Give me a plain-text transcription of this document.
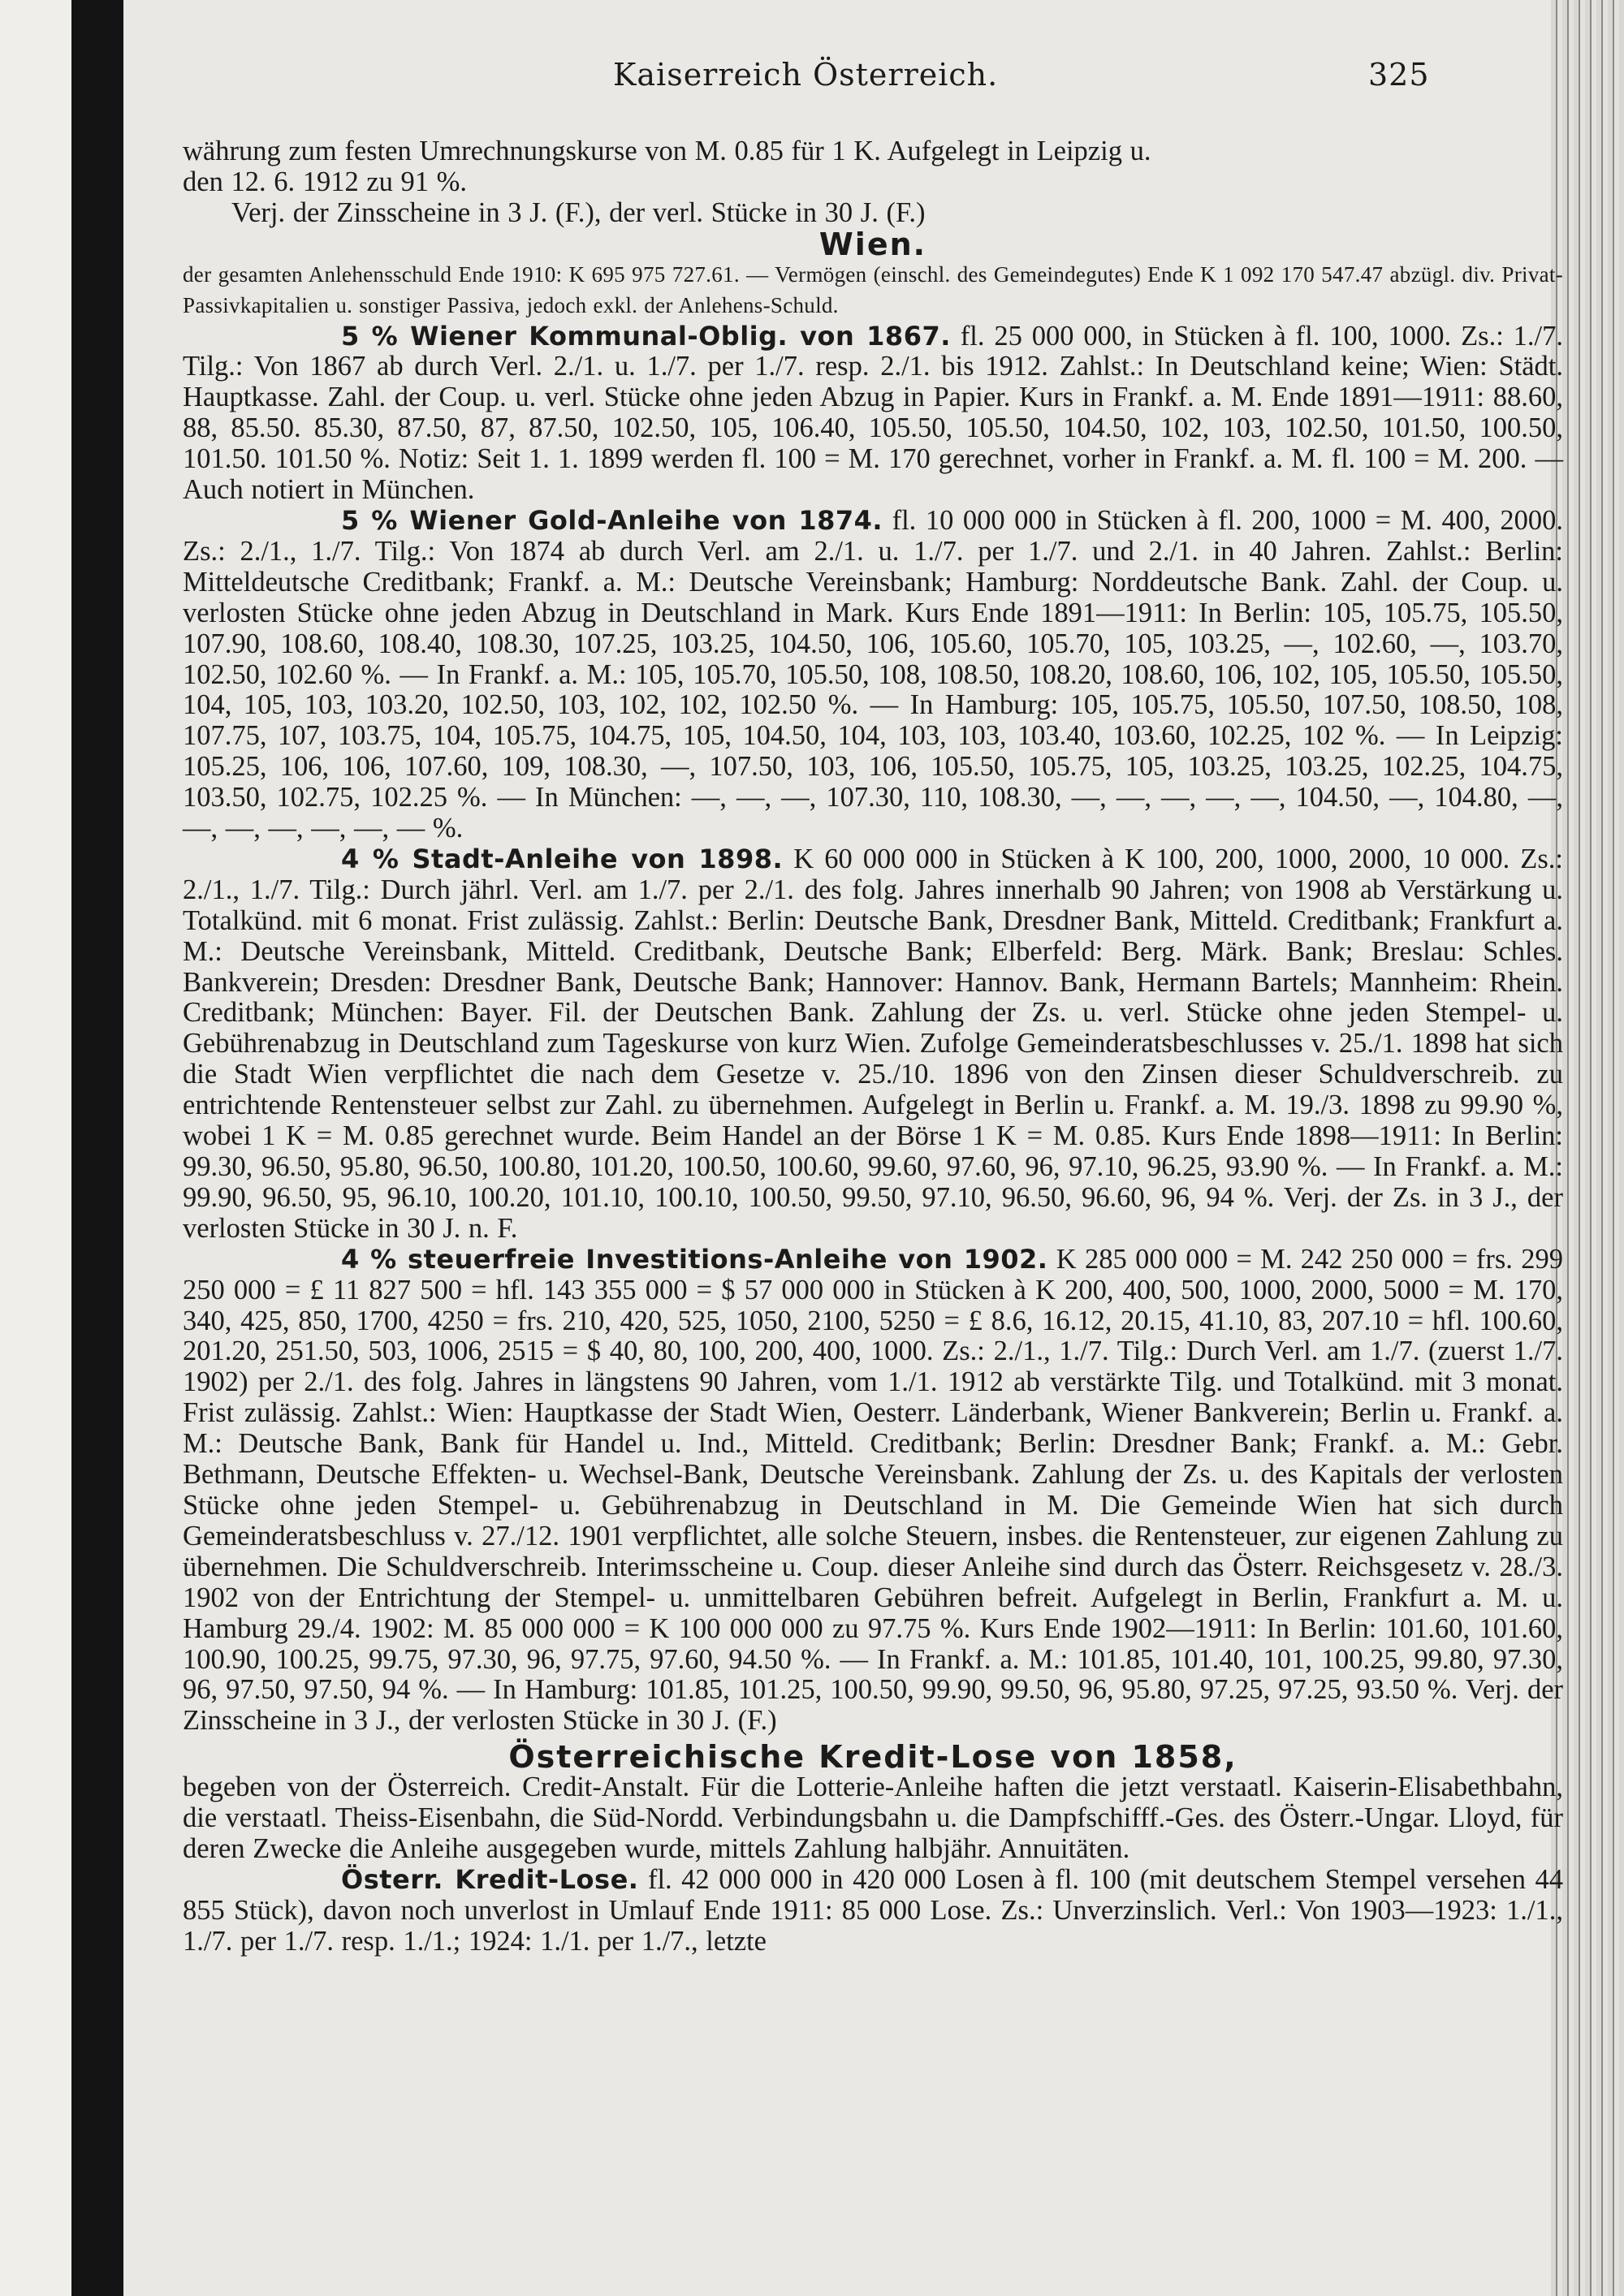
Kaiserreich Österreich.	325

währung zum festen Umrechnungskurse von M. 0.85 für 1 K. Aufgelegt in Leipzig u.

den 12. 6. 1912 zu 91 %.

Verj. der Zinsscheine in 3 J. (F.), der verl. Stücke in 30 J. (F.)

Wien.

der gesamten Anlehensschuld Ende 1910: K 695 975 727.61. — Vermögen (einschl. des Gemeindegutes) Ende K 1 092 170 547.47 abzügl. div. Privat-Passivkapitalien u. sonstiger Passiva, jedoch exkl. der Anlehens-Schuld.

5 % Wiener Kommunal-Oblig. von 1867. fl. 25 000 000, in Stücken à fl. 100, 1000. Zs.: 1./7. Tilg.: Von 1867 ab durch Verl. 2./1. u. 1./7. per 1./7. resp. 2./1. bis 1912. Zahlst.: In Deutschland keine; Wien: Städt. Hauptkasse. Zahl. der Coup. u. verl. Stücke ohne jeden Abzug in Papier. Kurs in Frankf. a. M. Ende 1891—1911: 88.60, 88, 85.50. 85.30, 87.50, 87, 87.50, 102.50, 105, 106.40, 105.50, 105.50, 104.50, 102, 103, 102.50, 101.50, 100.50, 101.50. 101.50 %. Notiz: Seit 1. 1. 1899 werden fl. 100 = M. 170 gerechnet, vorher in Frankf. a. M. fl. 100 = M. 200. — Auch notiert in München.

5 % Wiener Gold-Anleihe von 1874. fl. 10 000 000 in Stücken à fl. 200, 1000 = M. 400, 2000. Zs.: 2./1., 1./7. Tilg.: Von 1874 ab durch Verl. am 2./1. u. 1./7. per 1./7. und 2./1. in 40 Jahren. Zahlst.: Berlin: Mitteldeutsche Creditbank; Frankf. a. M.: Deutsche Vereinsbank; Hamburg: Norddeutsche Bank. Zahl. der Coup. u. verlosten Stücke ohne jeden Abzug in Deutschland in Mark. Kurs Ende 1891—1911: In Berlin: 105, 105.75, 105.50, 107.90, 108.60, 108.40, 108.30, 107.25, 103.25, 104.50, 106, 105.60, 105.70, 105, 103.25, —, 102.60, —, 103.70, 102.50, 102.60 %. — In Frankf. a. M.: 105, 105.70, 105.50, 108, 108.50, 108.20, 108.60, 106, 102, 105, 105.50, 105.50, 104, 105, 103, 103.20, 102.50, 103, 102, 102, 102.50 %. — In Hamburg: 105, 105.75, 105.50, 107.50, 108.50, 108, 107.75, 107, 103.75, 104, 105.75, 104.75, 105, 104.50, 104, 103, 103, 103.40, 103.60, 102.25, 102 %. — In Leipzig: 105.25, 106, 106, 107.60, 109, 108.30, —, 107.50, 103, 106, 105.50, 105.75, 105, 103.25, 103.25, 102.25, 104.75, 103.50, 102.75, 102.25 %. — In München: —, —, —, 107.30, 110, 108.30, —, —, —, —, —, 104.50, —, 104.80, —, —, —, —, —, —, — %.

4 % Stadt-Anleihe von 1898. K 60 000 000 in Stücken à K 100, 200, 1000, 2000, 10 000. Zs.: 2./1., 1./7. Tilg.: Durch jährl. Verl. am 1./7. per 2./1. des folg. Jahres innerhalb 90 Jahren; von 1908 ab Verstärkung u. Totalkünd. mit 6 monat. Frist zulässig. Zahlst.: Berlin: Deutsche Bank, Dresdner Bank, Mitteld. Creditbank; Frankfurt a. M.: Deutsche Vereinsbank, Mitteld. Creditbank, Deutsche Bank; Elberfeld: Berg. Märk. Bank; Breslau: Schles. Bankverein; Dresden: Dresdner Bank, Deutsche Bank; Hannover: Hannov. Bank, Hermann Bartels; Mannheim: Rhein. Creditbank; München: Bayer. Fil. der Deutschen Bank. Zahlung der Zs. u. verl. Stücke ohne jeden Stempel- u. Gebührenabzug in Deutschland zum Tageskurse von kurz Wien. Zufolge Gemeinderatsbeschlusses v. 25./1. 1898 hat sich die Stadt Wien verpflichtet die nach dem Gesetze v. 25./10. 1896 von den Zinsen dieser Schuldverschreib. zu entrichtende Rentensteuer selbst zur Zahl. zu übernehmen. Aufgelegt in Berlin u. Frankf. a. M. 19./3. 1898 zu 99.90 %, wobei 1 K = M. 0.85 gerechnet wurde. Beim Handel an der Börse 1 K = M. 0.85. Kurs Ende 1898—1911: In Berlin: 99.30, 96.50, 95.80, 96.50, 100.80, 101.20, 100.50, 100.60, 99.60, 97.60, 96, 97.10, 96.25, 93.90 %. — In Frankf. a. M.: 99.90, 96.50, 95, 96.10, 100.20, 101.10, 100.10, 100.50, 99.50, 97.10, 96.50, 96.60, 96, 94 %. Verj. der Zs. in 3 J., der verlosten Stücke in 30 J. n. F.

4 % steuerfreie Investitions-Anleihe von 1902. K 285 000 000 = M. 242 250 000 = frs. 299 250 000 = £ 11 827 500 = hfl. 143 355 000 = $ 57 000 000 in Stücken à K 200, 400, 500, 1000, 2000, 5000 = M. 170, 340, 425, 850, 1700, 4250 = frs. 210, 420, 525, 1050, 2100, 5250 = £ 8.6, 16.12, 20.15, 41.10, 83, 207.10 = hfl. 100.60, 201.20, 251.50, 503, 1006, 2515 = $ 40, 80, 100, 200, 400, 1000. Zs.: 2./1., 1./7. Tilg.: Durch Verl. am 1./7. (zuerst 1./7. 1902) per 2./1. des folg. Jahres in längstens 90 Jahren, vom 1./1. 1912 ab verstärkte Tilg. und Totalkünd. mit 3 monat. Frist zulässig. Zahlst.: Wien: Hauptkasse der Stadt Wien, Oesterr. Länderbank, Wiener Bankverein; Berlin u. Frankf. a. M.: Deutsche Bank, Bank für Handel u. Ind., Mitteld. Creditbank; Berlin: Dresdner Bank; Frankf. a. M.: Gebr. Bethmann, Deutsche Effekten- u. Wechsel-Bank, Deutsche Vereinsbank. Zahlung der Zs. u. des Kapitals der verlosten Stücke ohne jeden Stempel- u. Gebührenabzug in Deutschland in M. Die Gemeinde Wien hat sich durch Gemeinderatsbeschluss v. 27./12. 1901 verpflichtet, alle solche Steuern, insbes. die Rentensteuer, zur eigenen Zahlung zu übernehmen. Die Schuldverschreib. Interimsscheine u. Coup. dieser Anleihe sind durch das Österr. Reichsgesetz v. 28./3. 1902 von der Entrichtung der Stempel- u. unmittelbaren Gebühren befreit. Aufgelegt in Berlin, Frankfurt a. M. u. Hamburg 29./4. 1902: M. 85 000 000 = K 100 000 000 zu 97.75 %. Kurs Ende 1902—1911: In Berlin: 101.60, 101.60, 100.90, 100.25, 99.75, 97.30, 96, 97.75, 97.60, 94.50 %. — In Frankf. a. M.: 101.85, 101.40, 101, 100.25, 99.80, 97.30, 96, 97.50, 97.50, 94 %. — In Hamburg: 101.85, 101.25, 100.50, 99.90, 99.50, 96, 95.80, 97.25, 97.25, 93.50 %. Verj. der Zinsscheine in 3 J., der verlosten Stücke in 30 J. (F.)

Österreichische Kredit-Lose von 1858,

begeben von der Österreich. Credit-Anstalt. Für die Lotterie-Anleihe haften die jetzt verstaatl. Kaiserin-Elisabethbahn, die verstaatl. Theiss-Eisenbahn, die Süd-Nordd. Verbindungsbahn u. die Dampfschifff.-Ges. des Österr.-Ungar. Lloyd, für deren Zwecke die Anleihe ausgegeben wurde, mittels Zahlung halbjähr. Annuitäten.

Österr. Kredit-Lose. fl. 42 000 000 in 420 000 Losen à fl. 100 (mit deutschem Stempel versehen 44 855 Stück), davon noch unverlost in Umlauf Ende 1911: 85 000 Lose. Zs.: Unverzinslich. Verl.: Von 1903—1923: 1./1., 1./7. per 1./7. resp. 1./1.; 1924: 1./1. per 1./7., letzte
